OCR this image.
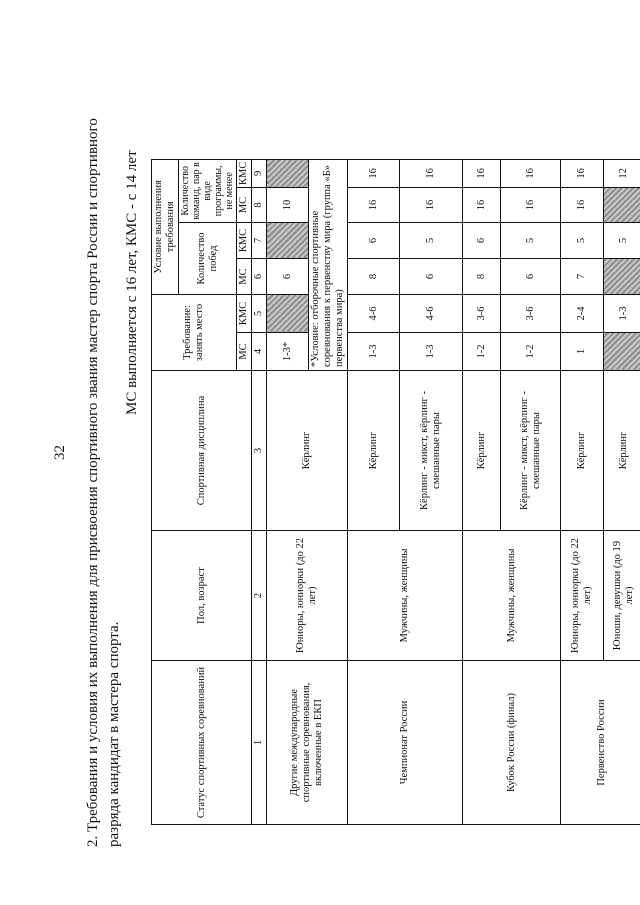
32 2. Требования и условия их выполнения для присвоения спортивного звания мастер спорта России и спортивного разряда кандидат в мастера спорта.
МС выполняется с 16 лет, КМС - с 14 лет
Статус спортивных соревнований	Пол, возраст	Спортивная дисциплина	Требование: занять место		Условие выполнения требования			
					Количество побед		Количество команд, пар в виде программы, не менее	
			МС	КМС	МС	КМС	МС	КМС
1	2	3	4	5	6	7	8	9
Другие международные спортивные соревнования, включенные в ЕКП	Юниоры, юниорки (до 22 лет)	Кёрлинг	1-3*		6		10	
			*Условие: отборочные спортивные соревнования к первенству мира (группа «Б» первенства мира)					
Чемпионат России	Мужчины, женщины	Кёрлинг	1-3	4-6	8	6	16	16
		Кёрлинг - микст, кёрлинг - смешанные пары	1-3	4-6	6	5	16	16
Кубок России (финал)	Мужчины, женщины	Кёрлинг	1-2	3-6	8	6	16	16
		Кёрлинг - микст, кёрлинг - смешанные пары	1-2	3-6	6	5	16	16
Первенство России	Юниоры, юниорки (до 22 лет)	Кёрлинг	1	2-4	7	5	16	16
	Юноши, девушки (до 19 лет)	Кёрлинг		1-3		5		12
